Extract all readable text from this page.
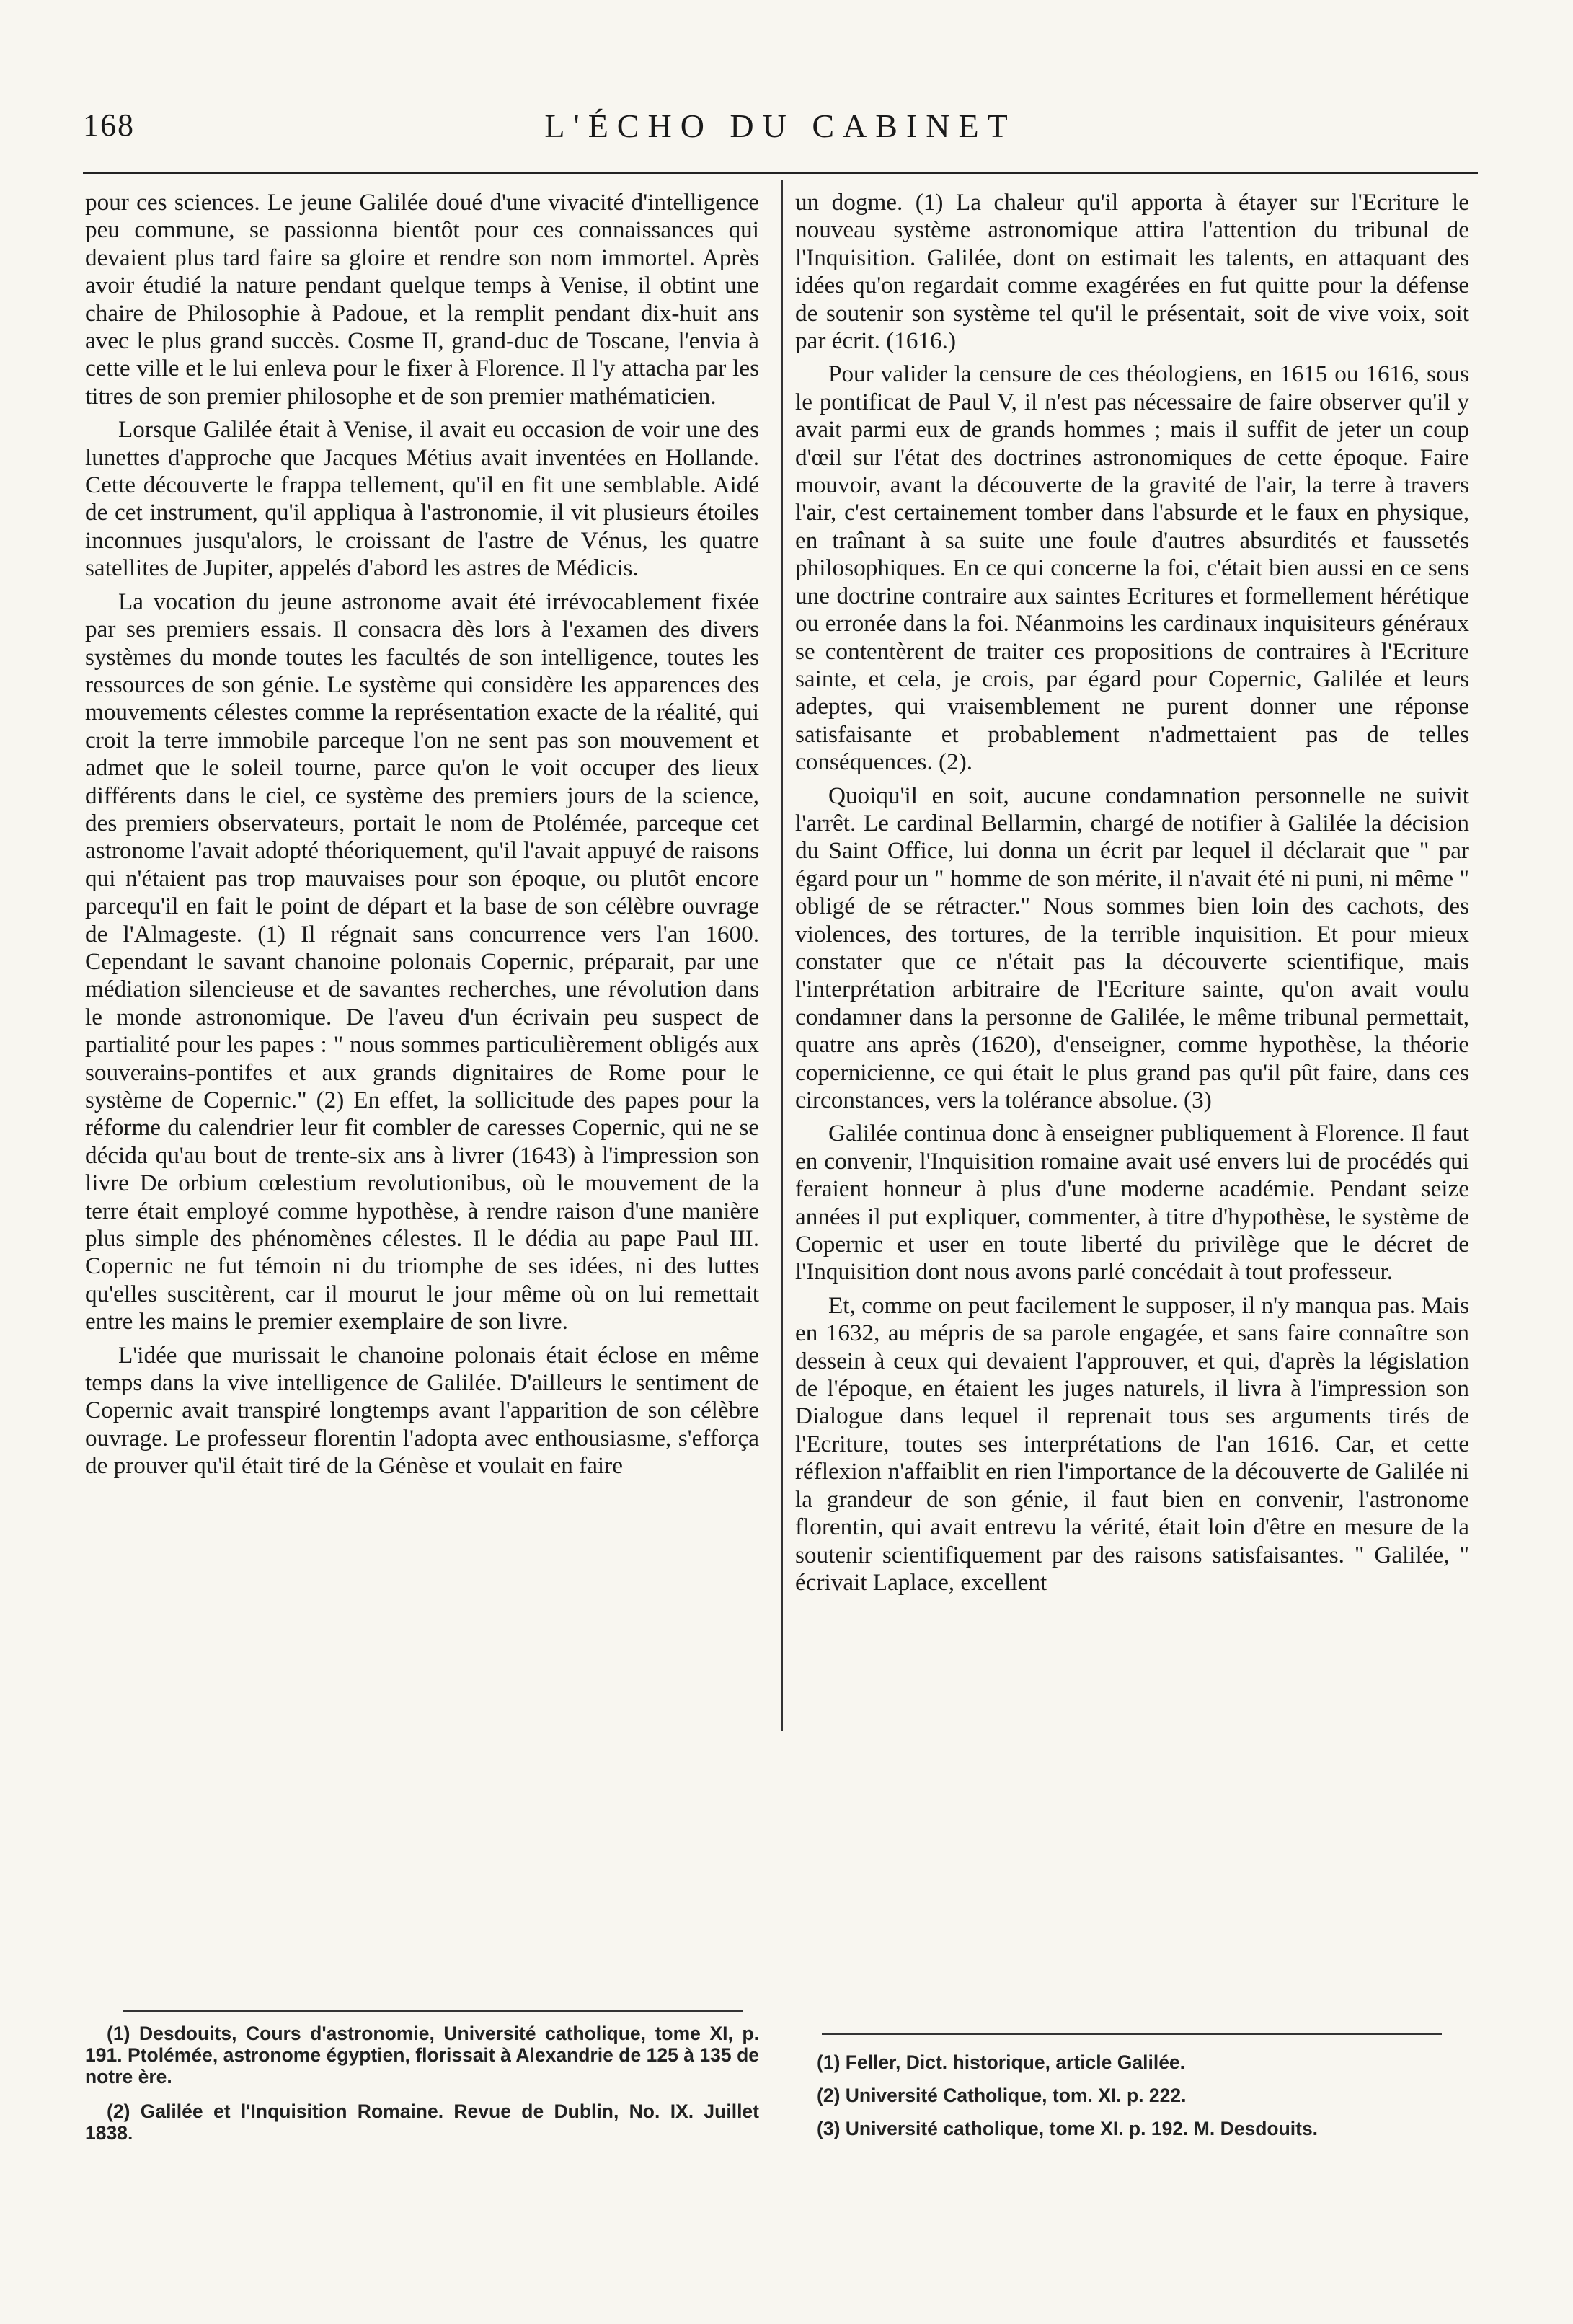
168	L'ÉCHO DU CABINET

pour ces sciences. Le jeune Galilée doué d'une vivacité d'intelligence peu commune, se passionna bientôt pour ces connaissances qui devaient plus tard faire sa gloire et rendre son nom immortel. Après avoir étudié la nature pendant quelque temps à Venise, il obtint une chaire de Philosophie à Padoue, et la remplit pendant dix-huit ans avec le plus grand succès. Cosme II, grand-duc de Toscane, l'envia à cette ville et le lui enleva pour le fixer à Florence. Il l'y attacha par les titres de son premier philosophe et de son premier mathématicien.

Lorsque Galilée était à Venise, il avait eu occasion de voir une des lunettes d'approche que Jacques Métius avait inventées en Hollande. Cette découverte le frappa tellement, qu'il en fit une semblable. Aidé de cet instrument, qu'il appliqua à l'astronomie, il vit plusieurs étoiles inconnues jusqu'alors, le croissant de l'astre de Vénus, les quatre satellites de Jupiter, appelés d'abord les astres de Médicis.

La vocation du jeune astronome avait été irrévocablement fixée par ses premiers essais. Il consacra dès lors à l'examen des divers systèmes du monde toutes les facultés de son intelligence, toutes les ressources de son génie. Le système qui considère les apparences des mouvements célestes comme la représentation exacte de la réalité, qui croit la terre immobile parceque l'on ne sent pas son mouvement et admet que le soleil tourne, parce qu'on le voit occuper des lieux différents dans le ciel, ce système des premiers jours de la science, des premiers observateurs, portait le nom de Ptolémée, parceque cet astronome l'avait adopté théoriquement, qu'il l'avait appuyé de raisons qui n'étaient pas trop mauvaises pour son époque, ou plutôt encore parcequ'il en fait le point de départ et la base de son célèbre ouvrage de l'Almageste. (1) Il régnait sans concurrence vers l'an 1600. Cependant le savant chanoine polonais Copernic, préparait, par une médiation silencieuse et de savantes recherches, une révolution dans le monde astronomique. De l'aveu d'un écrivain peu suspect de partialité pour les papes : " nous sommes particulièrement obligés aux souverains-pontifes et aux grands dignitaires de Rome pour le système de Copernic." (2) En effet, la sollicitude des papes pour la réforme du calendrier leur fit combler de caresses Copernic, qui ne se décida qu'au bout de trente-six ans à livrer (1643) à l'impression son livre De orbium cœlestium revolutionibus, où le mouvement de la terre était employé comme hypothèse, à rendre raison d'une manière plus simple des phénomènes célestes. Il le dédia au pape Paul III. Copernic ne fut témoin ni du triomphe de ses idées, ni des luttes qu'elles suscitèrent, car il mourut le jour même où on lui remettait entre les mains le premier exemplaire de son livre.

L'idée que murissait le chanoine polonais était éclose en même temps dans la vive intelligence de Galilée. D'ailleurs le sentiment de Copernic avait transpiré longtemps avant l'apparition de son célèbre ouvrage. Le professeur florentin l'adopta avec enthousiasme, s'efforça de prouver qu'il était tiré de la Génèse et voulait en faire

un dogme. (1) La chaleur qu'il apporta à étayer sur l'Ecriture le nouveau système astronomique attira l'attention du tribunal de l'Inquisition. Galilée, dont on estimait les talents, en attaquant des idées qu'on regardait comme exagérées en fut quitte pour la défense de soutenir son système tel qu'il le présentait, soit de vive voix, soit par écrit. (1616.)

Pour valider la censure de ces théologiens, en 1615 ou 1616, sous le pontificat de Paul V, il n'est pas nécessaire de faire observer qu'il y avait parmi eux de grands hommes ; mais il suffit de jeter un coup d'œil sur l'état des doctrines astronomiques de cette époque. Faire mouvoir, avant la découverte de la gravité de l'air, la terre à travers l'air, c'est certainement tomber dans l'absurde et le faux en physique, en traînant à sa suite une foule d'autres absurdités et faussetés philosophiques. En ce qui concerne la foi, c'était bien aussi en ce sens une doctrine contraire aux saintes Ecritures et formellement hérétique ou erronée dans la foi. Néanmoins les cardinaux inquisiteurs généraux se contentèrent de traiter ces propositions de contraires à l'Ecriture sainte, et cela, je crois, par égard pour Copernic, Galilée et leurs adeptes, qui vraisemblement ne purent donner une réponse satisfaisante et probablement n'admettaient pas de telles conséquences. (2).

Quoiqu'il en soit, aucune condamnation personnelle ne suivit l'arrêt. Le cardinal Bellarmin, chargé de notifier à Galilée la décision du Saint Office, lui donna un écrit par lequel il déclarait que " par égard pour un " homme de son mérite, il n'avait été ni puni, ni même " obligé de se rétracter." Nous sommes bien loin des cachots, des violences, des tortures, de la terrible inquisition. Et pour mieux constater que ce n'était pas la découverte scientifique, mais l'interprétation arbitraire de l'Ecriture sainte, qu'on avait voulu condamner dans la personne de Galilée, le même tribunal permettait, quatre ans après (1620), d'enseigner, comme hypothèse, la théorie copernicienne, ce qui était le plus grand pas qu'il pût faire, dans ces circonstances, vers la tolérance absolue. (3)

Galilée continua donc à enseigner publiquement à Florence. Il faut en convenir, l'Inquisition romaine avait usé envers lui de procédés qui feraient honneur à plus d'une moderne académie. Pendant seize années il put expliquer, commenter, à titre d'hypothèse, le système de Copernic et user en toute liberté du privilège que le décret de l'Inquisition dont nous avons parlé concédait à tout professeur.

Et, comme on peut facilement le supposer, il n'y manqua pas. Mais en 1632, au mépris de sa parole engagée, et sans faire connaître son dessein à ceux qui devaient l'approuver, et qui, d'après la législation de l'époque, en étaient les juges naturels, il livra à l'impression son Dialogue dans lequel il reprenait tous ses arguments tirés de l'Ecriture, toutes ses interprétations de l'an 1616. Car, et cette réflexion n'affaiblit en rien l'importance de la découverte de Galilée ni la grandeur de son génie, il faut bien en convenir, l'astronome florentin, qui avait entrevu la vérité, était loin d'être en mesure de la soutenir scientifiquement par des raisons satisfaisantes. " Galilée, " écrivait Laplace, excellent

(1) Desdouits, Cours d'astronomie, Université catholique, tome XI, p. 191. Ptolémée, astronome égyptien, florissait à Alexandrie de 125 à 135 de notre ère.

(2) Galilée et l'Inquisition Romaine. Revue de Dublin, No. IX. Juillet 1838.

(1) Feller, Dict. historique, article Galilée.

(2) Université Catholique, tom. XI. p. 222.

(3) Université catholique, tome XI. p. 192. M. Desdouits.
